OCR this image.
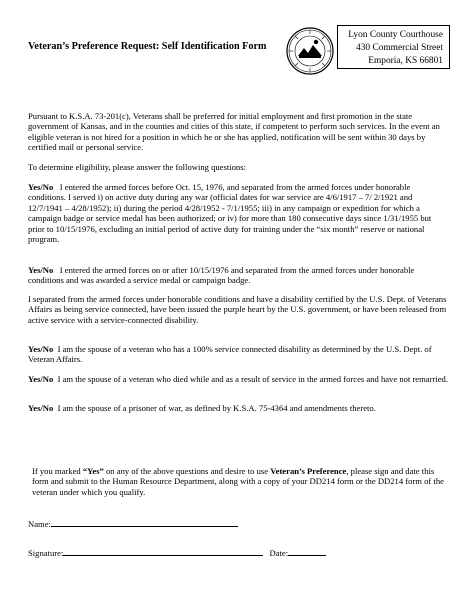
Veteran’s Preference Request: Self Identification Form
Lyon County Courthouse
430 Commercial Street
Emporia, KS 66801
Pursuant to K.S.A. 73-201(c), Veterans shall be preferred for initial employment and first promotion in the state government of Kansas, and in the counties and cities of this state, if competent to perform such services. In the event an eligible veteran is not hired for a position in which he or she has applied, notification will be sent within 30 days by certified mail or personal service.
To determine eligibility, please answer the following questions:
Yes/No I entered the armed forces before Oct. 15, 1976, and separated from the armed forces under honorable conditions. I served i) on active duty during any war (official dates for war service are 4/6/1917 – 7/ 2/1921 and 12/7/1941 – 4/28/1952); ii) during the period 4/28/1952 - 7/1/1955; iii) in any campaign or expedition for which a campaign badge or service medal has been authorized; or iv) for more than 180 consecutive days since 1/31/1955 but prior to 10/15/1976, excluding an initial period of active duty for training under the “six month” reserve or national program.
Yes/No I entered the armed forces on or after 10/15/1976 and separated from the armed forces under honorable conditions and was awarded a service medal or campaign badge.
I separated from the armed forces under honorable conditions and have a disability certified by the U.S. Dept. of Veterans Affairs as being service connected, have been issued the purple heart by the U.S. government, or have been released from active service with a service-connected disability.
Yes/No I am the spouse of a veteran who has a 100% service connected disability as determined by the U.S. Dept. of Veteran Affairs.
Yes/No I am the spouse of a veteran who died while and as a result of service in the armed forces and have not remarried.
Yes/No I am the spouse of a prisoner of war, as defined by K.S.A. 75-4364 and amendments thereto.
If you marked “Yes” on any of the above questions and desire to use Veteran’s Preference, please sign and date this form and submit to the Human Resource Department, along with a copy of your DD214 form or the DD214 form of the veteran under which you qualify.
Name:
Signature:	Date:
